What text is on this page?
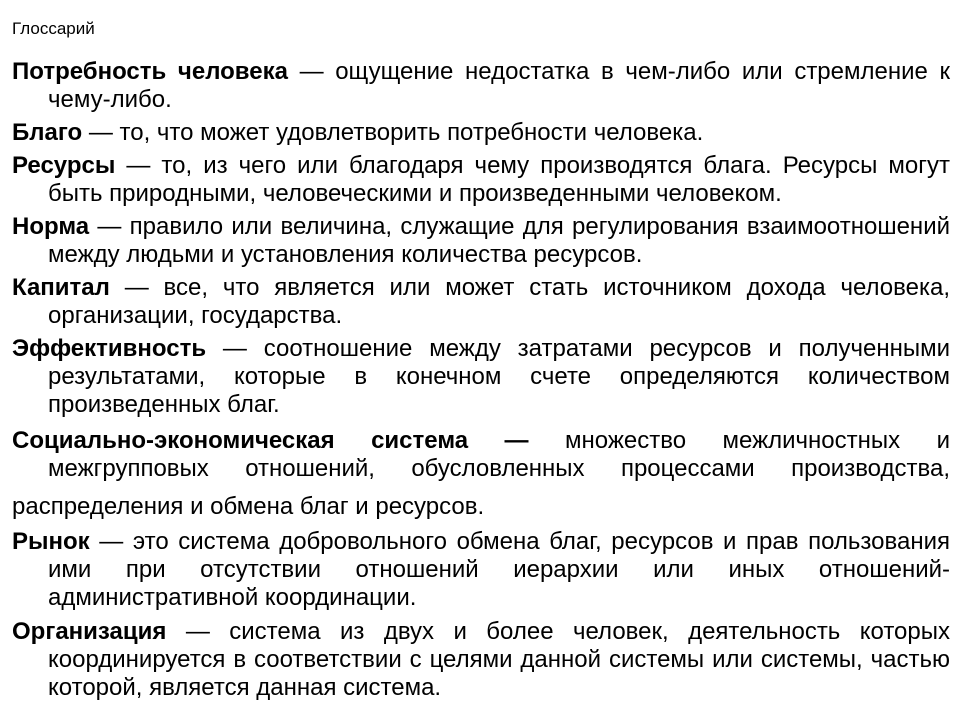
Глоссарий

Потребность человека — ощущение недостатка в чем-либо или стремление к чему-либо.

Благо — то, что может удовлетворить потребности человека.

Ресурсы — то, из чего или благодаря чему производятся блага. Ресурсы могут быть природными, человеческими и произведенными человеком.

Норма — правило или величина, служащие для регулирования взаимоотношений между людьми и установления количества ресурсов.

Капитал — все, что является или может стать источником дохода человека, организации, государства.

Эффективность — соотношение между затратами ресурсов и полученными результатами, которые в конечном счете определяются количеством произведенных благ.

Социально-экономическая система — множество межличностных и межгрупповых отношений, обусловленных процессами производства, распределения и обмена благ и ресурсов.

Рынок — это система добровольного обмена благ, ресурсов и прав пользования ими при отсутствии отношений иерархии или иных отношений- административной координации.

Организация — система из двух и более человек, деятельность которых координируется в соответствии с целями данной системы или системы, частью которой, является данная система.
